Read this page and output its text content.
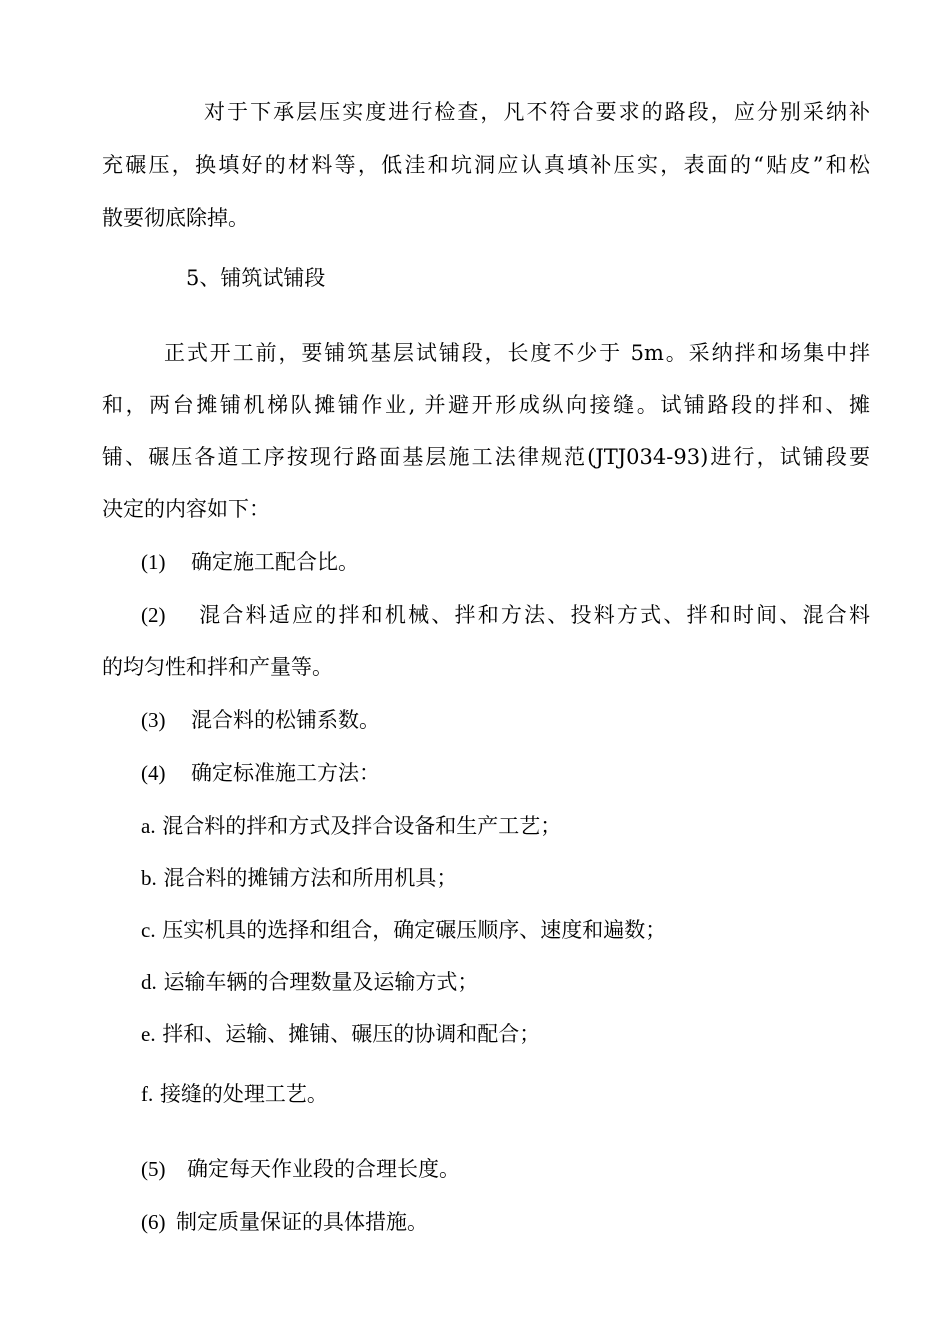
对于下承层压实度进行检查，凡不符合要求的路段，应分别采纳补

充碾压，换填好的材料等，低洼和坑洞应认真填补压实，表面的“贴皮”和松

散要彻底除掉。

5、铺筑试铺段

正式开工前，要铺筑基层试铺段，长度不少于 5m。采纳拌和场集中拌

和，两台摊铺机梯队摊铺作业, 并避开形成纵向接缝。试铺路段的拌和、摊

铺、碾压各道工序按现行路面基层施工法律规范(JTJ034-93)进行，试铺段要

决定的内容如下：

(1) 确定施工配合比。
(2) 混合料适应的拌和机械、拌和方法、投料方式、拌和时间、混合料

的均匀性和拌和产量等。

(3) 混合料的松铺系数。
(4) 确定标准施工方法：
a. 混合料的拌和方式及拌合设备和生产工艺；
b. 混合料的摊铺方法和所用机具；
c. 压实机具的选择和组合，确定碾压顺序、速度和遍数；
d. 运输车辆的合理数量及运输方式；
e. 拌和、运输、摊铺、碾压的协调和配合；
f. 接缝的处理工艺。
(5) 确定每天作业段的合理长度。
(6) 制定质量保证的具体措施。
